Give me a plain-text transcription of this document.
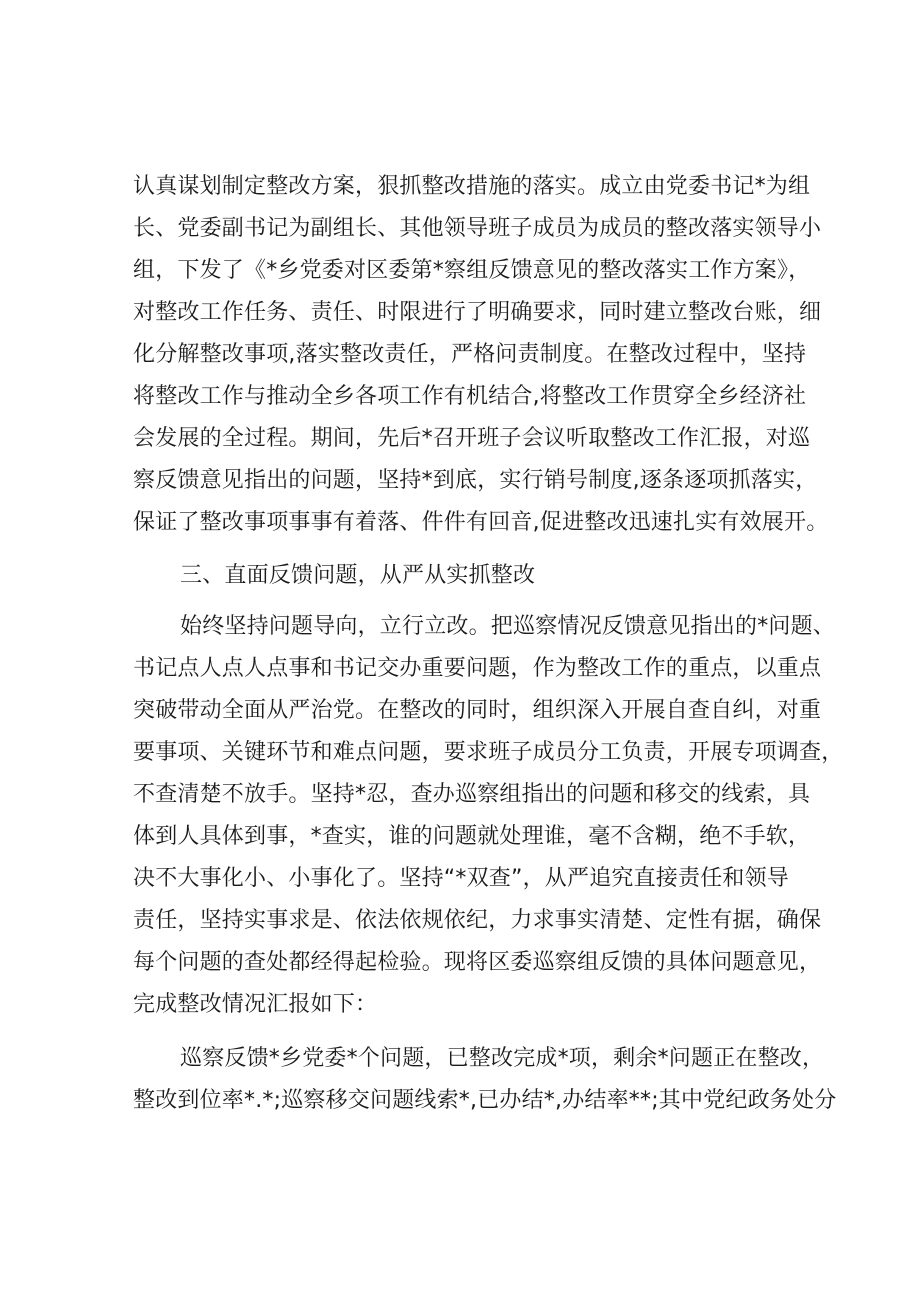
认真谋划制定整改方案，狠抓整改措施的落实。成立由党委书记*为组

长、党委副书记为副组长、其他领导班子成员为成员的整改落实领导小

组，下发了《*乡党委对区委第*察组反馈意见的整改落实工作方案》，

对整改工作任务、责任、时限进行了明确要求，同时建立整改台账，细

化分解整改事项,落实整改责任，严格问责制度。在整改过程中，坚持

将整改工作与推动全乡各项工作有机结合,将整改工作贯穿全乡经济社

会发展的全过程。期间，先后*召开班子会议听取整改工作汇报，对巡

察反馈意见指出的问题，坚持*到底，实行销号制度,逐条逐项抓落实，

保证了整改事项事事有着落、件件有回音,促进整改迅速扎实有效展开。

三、直面反馈问题，从严从实抓整改

始终坚持问题导向，立行立改。把巡察情况反馈意见指出的*问题、

书记点人点人点事和书记交办重要问题，作为整改工作的重点，以重点

突破带动全面从严治党。在整改的同时，组织深入开展自查自纠，对重

要事项、关键环节和难点问题，要求班子成员分工负责，开展专项调查，

不查清楚不放手。坚持*忍，查办巡察组指出的问题和移交的线索，具

体到人具体到事，*查实，谁的问题就处理谁，毫不含糊，绝不手软，

决不大事化小、小事化了。坚持“*双查”，从严追究直接责任和领导

责任，坚持实事求是、依法依规依纪，力求事实清楚、定性有据，确保

每个问题的查处都经得起检验。现将区委巡察组反馈的具体问题意见，

完成整改情况汇报如下：

巡察反馈*乡党委*个问题，已整改完成*项，剩余*问题正在整改，

整改到位率*.*;巡察移交问题线索*,已办结*,办结率**;其中党纪政务处分
